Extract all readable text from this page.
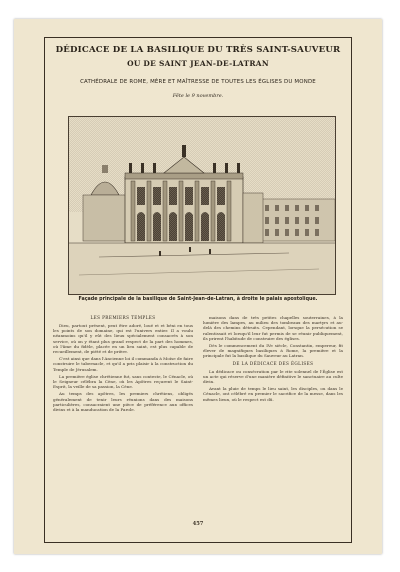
DÉDICACE DE LA BASILIQUE DU TRÈS SAINT-SAUVEUR
OU DE SAINT JEAN-DE-LATRAN
CATHÉDRALE DE ROME, MÈRE ET MAÎTRESSE DE TOUTES LES ÉGLISES DU MONDE
Fête le 9 novembre.
Façade principale de la basilique de Saint-Jean-de-Latran, à droite le palais apostolique.
LES PREMIERS TEMPLES

Dieu, partout présent, peut être adoré, loué et et béni en tous les points de son domaine, qui est l'univers entier. Il a voulu néanmoins qu'il y eût des lieux spécialement consacrés à son service, où on y étant plus grand respect de la part des hommes, où l'âme du fidèle, placée en un lieu saint, est plus capable de recueillement, de piété et de prière.

C'est ainsi que dans l'Ancienne loi il commanda à Moïse de faire construire le tabernacle, et qu'il a pris plaisir à la construction du Temple de Jérusalem.

La première église chrétienne fut, sans conteste, le Cénacle, où le Seigneur célébra la Cène, où les Apôtres reçurent le Saint-Esprit, la veille de sa passion, la Cène.

Au temps des apôtres, les premiers chrétiens, obligés généralement de tenir leurs réunions dans des maisons particulières, consacraient une pièce de préférence aux offices divins et à la manducation de la Parole.

maisons dans de très petites chapelles souterraines, à la lumière des lampes, au milieu des tombeaux des martyrs et au-delà des chemins détruits. Cependant, lorsque la persécution se ralentissait et lorsqu'il leur fut permis de se réunir publiquement, ils prirent l'habitude de construire des églises.

Dès le commencement du IVe siècle, Constantin, empereur, fit élever de magnifiques basiliques à Rome, la première et la principale fut la basilique du Sauveur au Latran.

DE LA DÉDICACE DES ÉGLISES

La dédicace ou consécration par le rite solennel de l'Église est un acte qui réserve d'une manière définitive le sanctuaire au culte divin.

Avant la pluie de temps le lieu saint, les disciples, ou dans le Cénacle, ont célébré en premier le sacrifice de la messe, dans les mêmes lieux, où le respect est dû.

457
